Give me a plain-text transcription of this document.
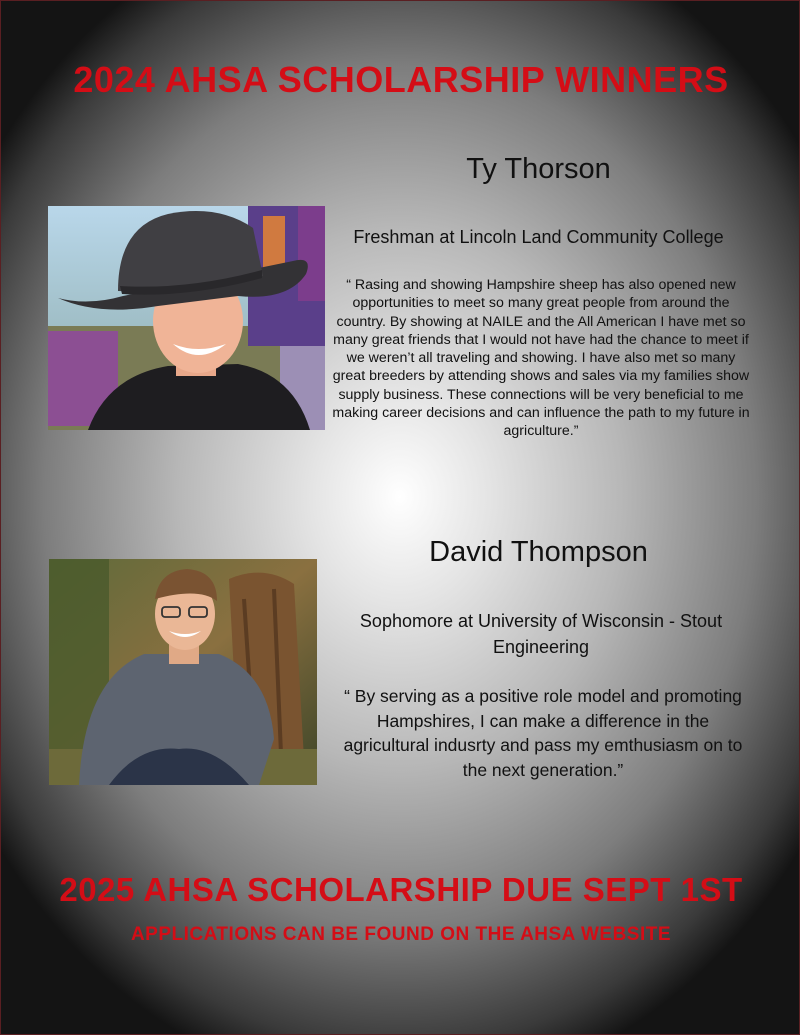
2024 AHSA SCHOLARSHIP WINNERS

Ty Thorson

Freshman at Lincoln Land Community College

“ Rasing and showing Hampshire sheep has also opened new opportunities to meet so many great people from around the country. By showing at NAILE and the All American I have met so many great friends that I would not have had the chance to meet if we weren’t all traveling and showing. I have also met so many great breeders by attending shows and sales via my families show supply business. These connections will be very beneficial to me making career decisions and can influence the path to my future in agriculture.”

David Thompson

Sophomore at University of Wisconsin - Stout Engineering

“ By serving as a positive role model and promoting Hampshires, I can make a difference in the agricultural indusrty and pass my emthusiasm on to the next generation.”

2025 AHSA SCHOLARSHIP DUE SEPT 1ST

APPLICATIONS CAN BE FOUND ON THE AHSA WEBSITE
